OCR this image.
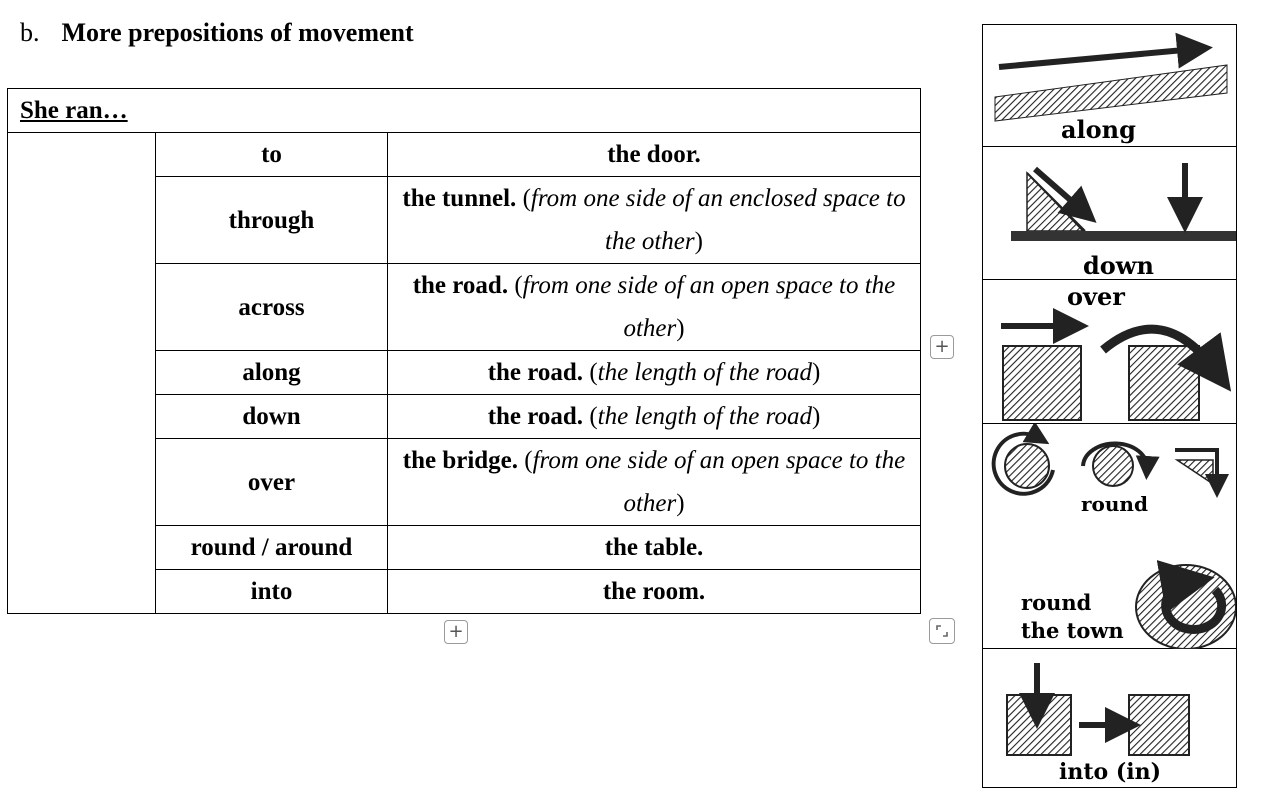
b. More prepositions of movement
She ran…		
	to	the door.
	through	the tunnel. (from one side of an enclosed space to the other)
	across	the road. (from one side of an open space to the other)
	along	the road. (the length of the road)
	down	the road. (the length of the road)
	over	the bridge. (from one side of an open space to the other)
	round / around	the table.
	into	the room.
+
+
along
down
over
round
round
the town
into (in)
